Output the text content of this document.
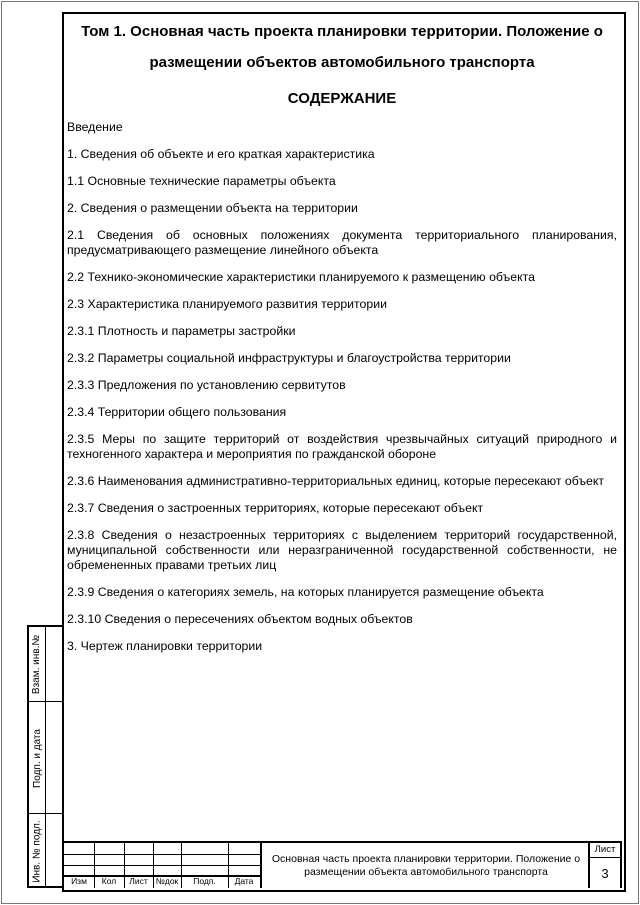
Том 1. Основная часть проекта планировки территории. Положение о размещении объектов автомобильного транспорта
СОДЕРЖАНИЕ
Введение
1. Сведения об объекте и его краткая характеристика
1.1 Основные технические параметры объекта
2. Сведения о размещении объекта на территории
2.1 Сведения об основных положениях документа территориального планирования, предусматривающего размещение линейного объекта
2.2 Технико-экономические характеристики планируемого к размещению объекта
2.3 Характеристика планируемого развития территории
2.3.1 Плотность и параметры застройки
2.3.2 Параметры социальной инфраструктуры и благоустройства территории
2.3.3 Предложения по установлению сервитутов
2.3.4 Территории общего пользования
2.3.5 Меры по защите территорий от воздействия чрезвычайных ситуаций природного и техногенного характера и мероприятия по гражданской обороне
2.3.6 Наименования административно-территориальных единиц, которые пересекают объект
2.3.7 Сведения о застроенных территориях, которые пересекают объект
2.3.8 Сведения о незастроенных территориях с выделением территорий государственной, муниципальной собственности или неразграниченной государственной собственности, не обремененных правами третьих лиц
2.3.9 Сведения о категориях земель, на которых планируется размещение объекта
2.3.10 Сведения о пересечениях объектом водных объектов
3. Чертеж планировки территории
Взам. инв.№
Подп. и дата
Инв. № подл.	Изм	Кол	Лист №док	Подп.	Дата
Основная часть проекта планировки территории. Положение о размещении объекта автомобильного транспорта
Лист
3
